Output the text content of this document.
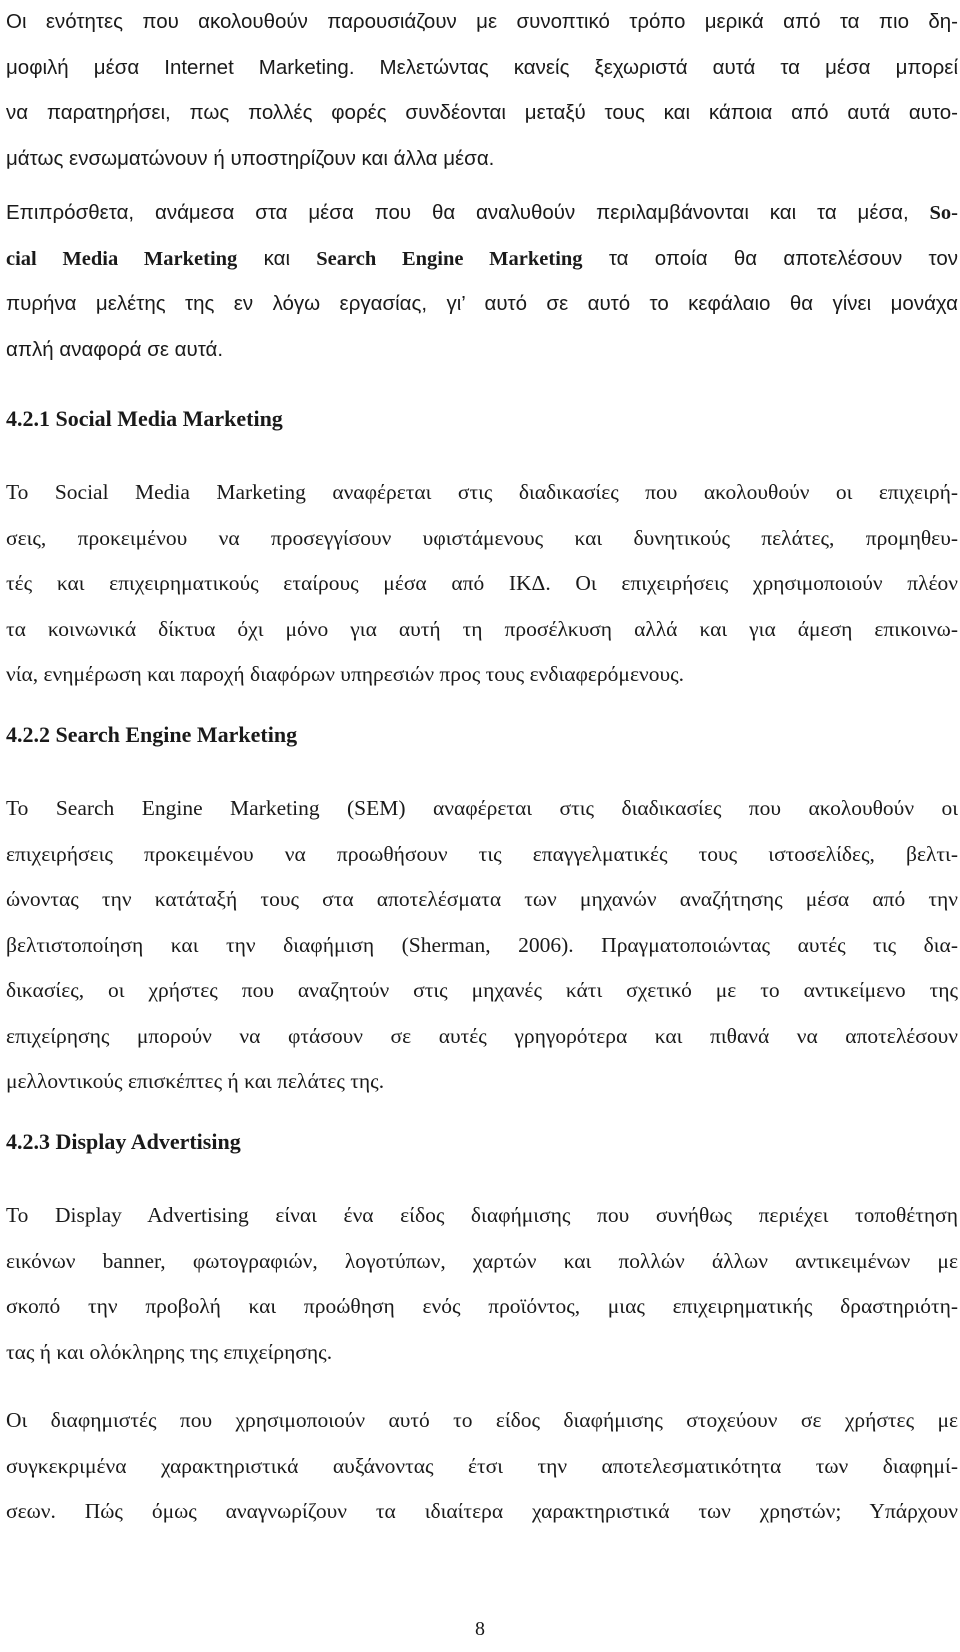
Οι ενότητες που ακολουθούν παρουσιάζουν με συνοπτικό τρόπο μερικά από τα πιο δη-
μοφιλή μέσα Internet Marketing. Μελετώντας κανείς ξεχωριστά αυτά τα μέσα μπορεί
να παρατηρήσει, πως πολλές φορές συνδέονται μεταξύ τους και κάποια από αυτά αυτο-
μάτως ενσωματώνουν ή υποστηρίζουν και άλλα μέσα.
Επιπρόσθετα, ανάμεσα στα μέσα που θα αναλυθούν περιλαμβάνονται και τα μέσα, So-
cial Media Marketing και Search Engine Marketing τα οποία θα αποτελέσουν τον
πυρήνα μελέτης της εν λόγω εργασίας, γι’ αυτό σε αυτό το κεφάλαιο θα γίνει μονάχα
απλή αναφορά σε αυτά.
4.2.1 Social Media Marketing
Το Social Media Marketing αναφέρεται στις διαδικασίες που ακολουθούν οι επιχειρή-
σεις, προκειμένου να προσεγγίσουν υφιστάμενους και δυνητικούς πελάτες, προμηθευ-
τές και επιχειρηματικούς εταίρους μέσα από ΙΚΔ. Οι επιχειρήσεις χρησιμοποιούν πλέον
τα κοινωνικά δίκτυα όχι μόνο για αυτή τη προσέλκυση αλλά και για άμεση επικοινω-
νία, ενημέρωση και παροχή διαφόρων υπηρεσιών προς τους ενδιαφερόμενους.
4.2.2 Search Engine Marketing
Το Search Engine Marketing (SEM) αναφέρεται στις διαδικασίες που ακολουθούν οι
επιχειρήσεις προκειμένου να προωθήσουν τις επαγγελματικές τους ιστοσελίδες, βελτι-
ώνοντας την κατάταξή τους στα αποτελέσματα των μηχανών αναζήτησης μέσα από την
βελτιστοποίηση και την διαφήμιση (Sherman, 2006). Πραγματοποιώντας αυτές τις δια-
δικασίες, οι χρήστες που αναζητούν στις μηχανές κάτι σχετικό με το αντικείμενο της
επιχείρησης μπορούν να φτάσουν σε αυτές γρηγορότερα και πιθανά να αποτελέσουν
μελλοντικούς επισκέπτες ή και πελάτες της.
4.2.3 Display Advertising
Το Display Advertising είναι ένα είδος διαφήμισης που συνήθως περιέχει τοποθέτηση
εικόνων banner, φωτογραφιών, λογοτύπων, χαρτών και πολλών άλλων αντικειμένων με
σκοπό την προβολή και προώθηση ενός προϊόντος, μιας επιχειρηματικής δραστηριότη-
τας ή και ολόκληρης της επιχείρησης.
Οι διαφημιστές που χρησιμοποιούν αυτό το είδος διαφήμισης στοχεύουν σε χρήστες με
συγκεκριμένα χαρακτηριστικά αυξάνοντας έτσι την αποτελεσματικότητα των διαφημί-
σεων. Πώς όμως αναγνωρίζουν τα ιδιαίτερα χαρακτηριστικά των χρηστών; Υπάρχουν
8
